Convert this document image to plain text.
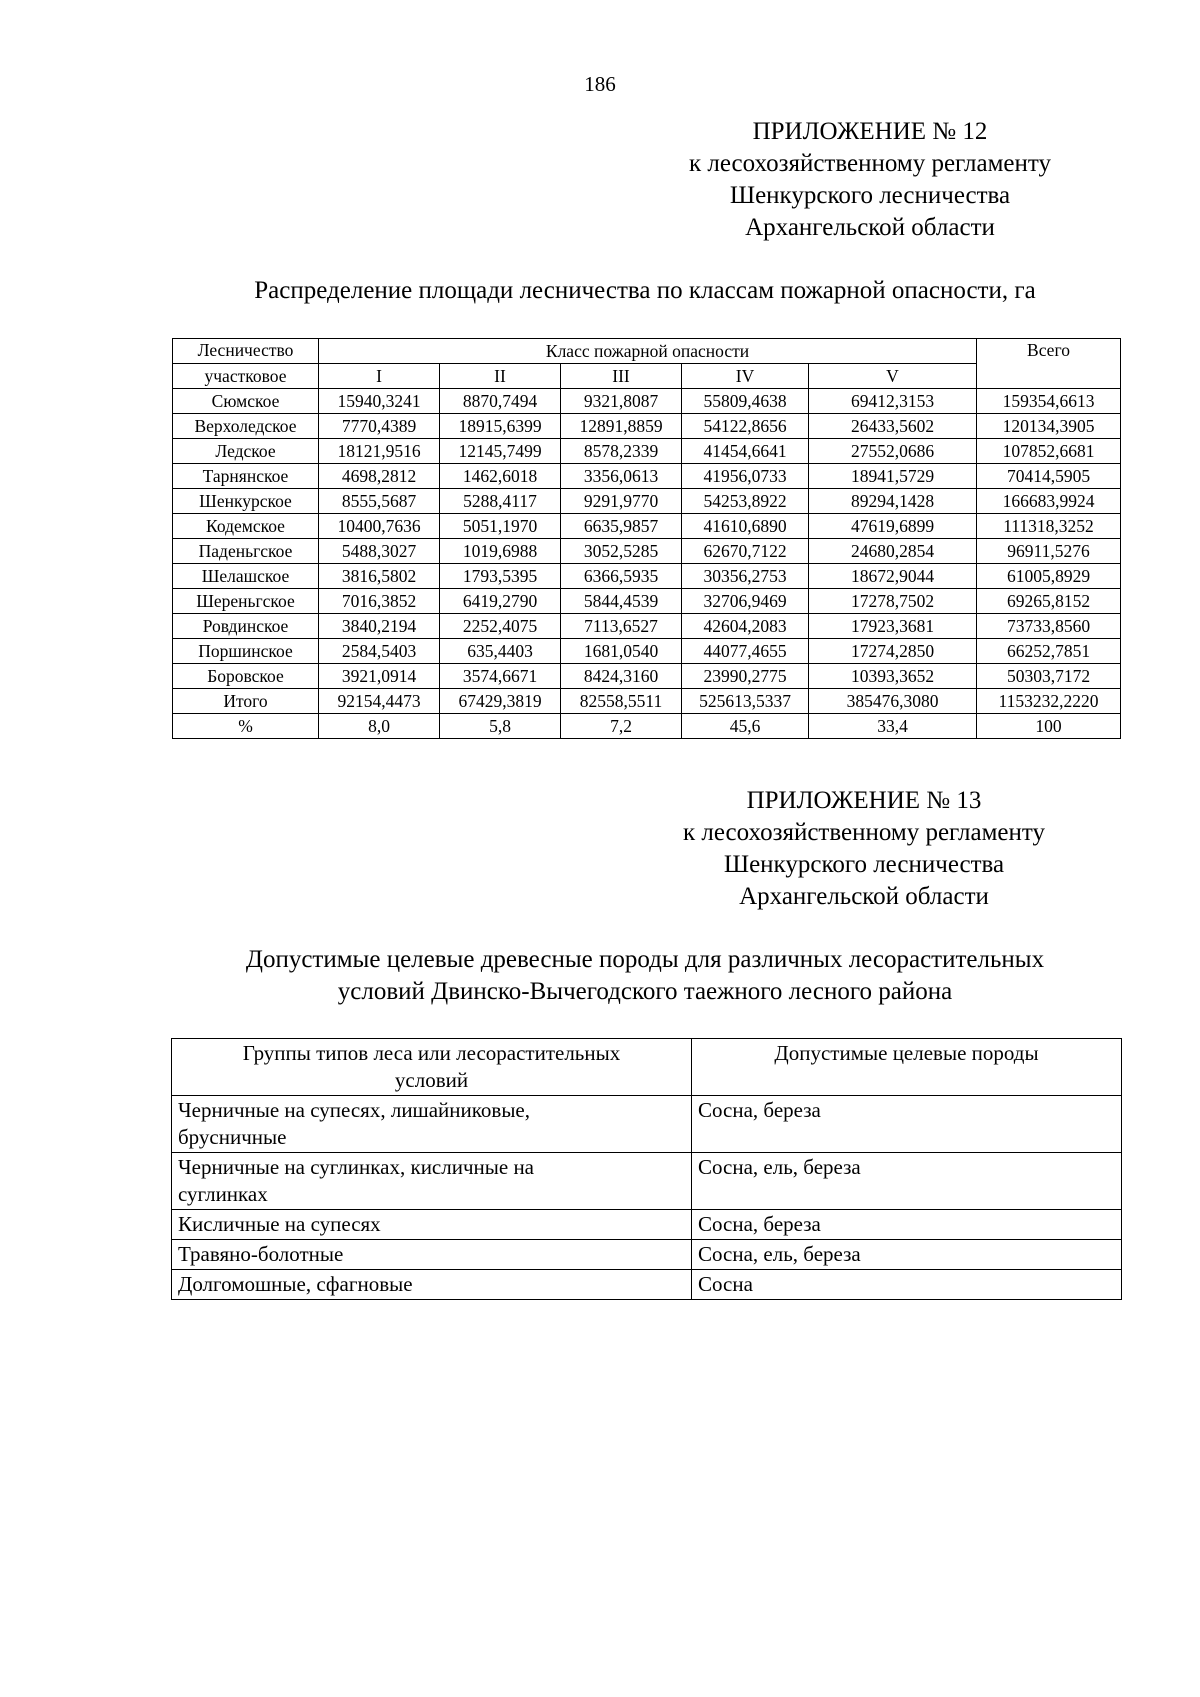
186
ПРИЛОЖЕНИЕ № 12
к лесохозяйственному регламенту
Шенкурского лесничества
Архангельской области
Распределение площади лесничества по классам пожарной опасности, га
Лесничество	Класс пожарной опасности					Всего
участковое	I	II	III	IV	V	
Сюмское	15940,3241	8870,7494	9321,8087	55809,4638	69412,3153	159354,6613
Верхоледское	7770,4389	18915,6399	12891,8859	54122,8656	26433,5602	120134,3905
Ледское	18121,9516	12145,7499	8578,2339	41454,6641	27552,0686	107852,6681
Тарнянское	4698,2812	1462,6018	3356,0613	41956,0733	18941,5729	70414,5905
Шенкурское	8555,5687	5288,4117	9291,9770	54253,8922	89294,1428	166683,9924
Кодемское	10400,7636	5051,1970	6635,9857	41610,6890	47619,6899	111318,3252
Паденьгское	5488,3027	1019,6988	3052,5285	62670,7122	24680,2854	96911,5276
Шелашское	3816,5802	1793,5395	6366,5935	30356,2753	18672,9044	61005,8929
Шереньгское	7016,3852	6419,2790	5844,4539	32706,9469	17278,7502	69265,8152
Ровдинское	3840,2194	2252,4075	7113,6527	42604,2083	17923,3681	73733,8560
Поршинское	2584,5403	635,4403	1681,0540	44077,4655	17274,2850	66252,7851
Боровское	3921,0914	3574,6671	8424,3160	23990,2775	10393,3652	50303,7172
Итого	92154,4473	67429,3819	82558,5511	525613,5337	385476,3080	1153232,2220
%	8,0	5,8	7,2	45,6	33,4	100
ПРИЛОЖЕНИЕ № 13
к лесохозяйственному регламенту
Шенкурского лесничества
Архангельской области
Допустимые целевые древесные породы для различных лесорастительных
условий Двинско-Вычегодского таежного лесного района
Группы типов леса или лесорастительных
условий	Допустимые целевые породы

Черничные на супесях, лишайниковые,
брусничные	Сосна, береза

Черничные на суглинках, кисличные на
суглинках	Сосна, ель, береза

Кисличные на супесях	Сосна, береза

Травяно-болотные	Сосна, ель, береза

Долгомошные, сфагновые	Сосна
